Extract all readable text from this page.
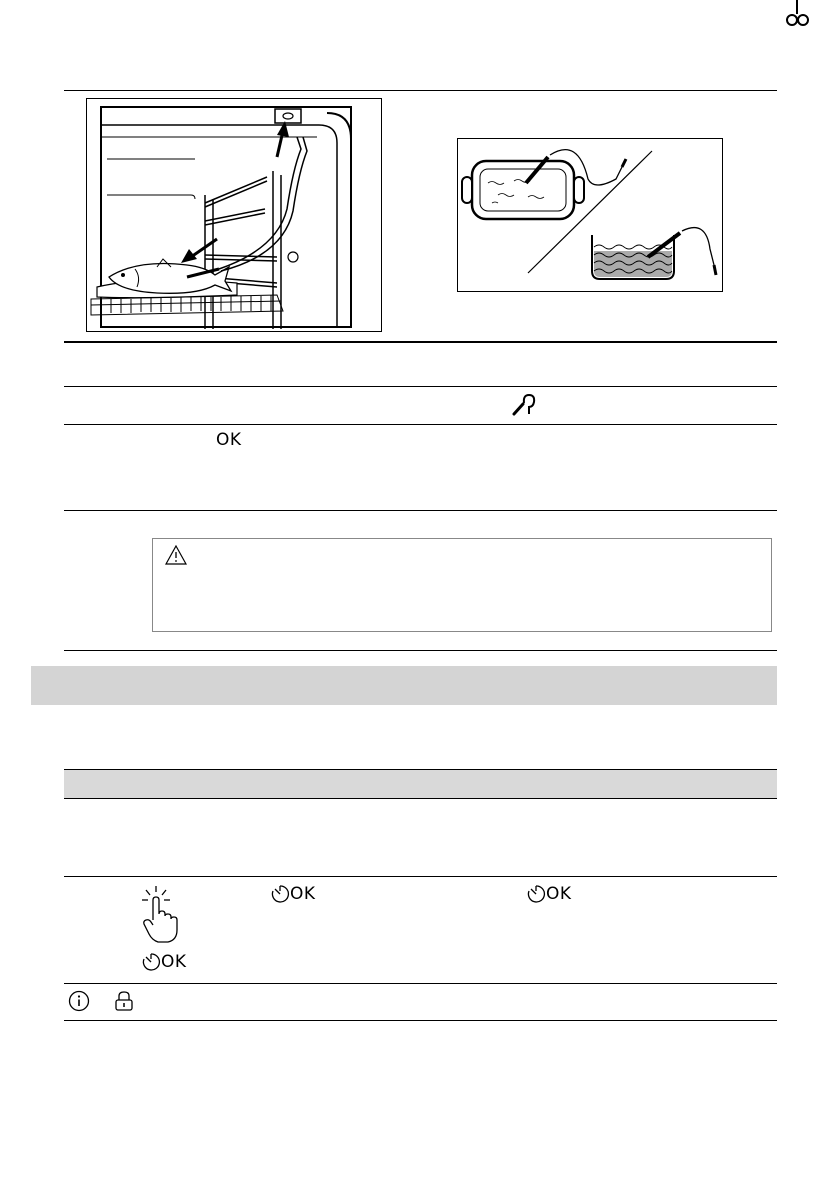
OK
OK	OK
OK
